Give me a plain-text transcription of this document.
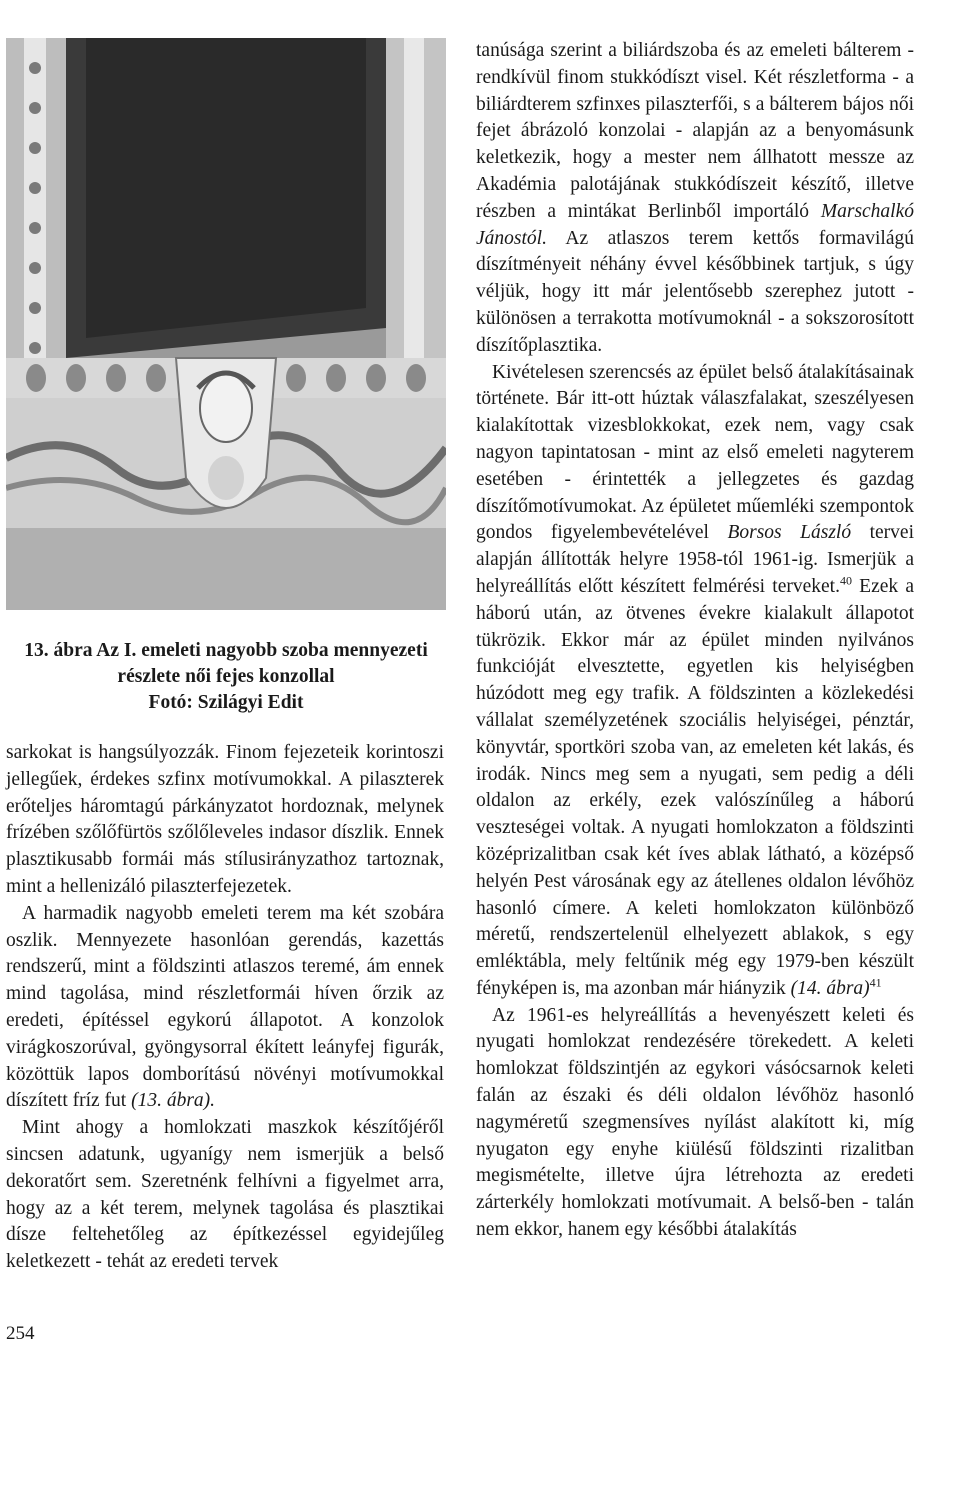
13. ábra Az I. emeleti nagyobb szoba mennyezeti
részlete női fejes konzollal
Fotó: Szilágyi Edit

sarkokat is hangsúlyozzák. Finom fejezeteik korintoszi jellegűek, érdekes szfinx motívumokkal. A pilaszterek erőteljes háromtagú párkányzatot hordoznak, melynek frízében szőlőfürtös szőlőleveles indasor díszlik. Ennek plasztikusabb formái más stílusirányzathoz tartoznak, mint a hellenizáló pilaszterfejezetek.

A harmadik nagyobb emeleti terem ma két szobára oszlik. Mennyezete hasonlóan gerendás, kazettás rendszerű, mint a földszinti atlaszos teremé, ám ennek mind tagolása, mind részletformái híven őrzik az eredeti, építéssel egykorú állapotot. A konzolok virágkoszorúval, gyöngysorral ékített leányfej figurák, közöttük lapos domborítású növényi motívumokkal díszített fríz fut (13. ábra).

Mint ahogy a homlokzati maszkok készítőjéről sincsen adatunk, ugyanígy nem ismerjük a belső dekoratőrt sem. Szeretnénk felhívni a figyelmet arra, hogy az a két terem, melynek tagolása és plasztikai dísze feltehetőleg az építkezéssel egyidejűleg keletkezett - tehát az eredeti tervek

tanúsága szerint a biliárdszoba és az emeleti bálterem - rendkívül finom stukkódíszt visel. Két részletforma - a biliárdterem szfinxes pilaszterfői, s a bálterem bájos női fejet ábrázoló konzolai - alapján az a benyomásunk keletkezik, hogy a mester nem állhatott messze az Akadémia palotájának stukkódíszeit készítő, illetve részben a mintákat Berlinből importáló Marschalkó Jánostól. Az atlaszos terem kettős formavilágú díszítményeit néhány évvel későbbinek tartjuk, s úgy véljük, hogy itt már jelentősebb szerephez jutott -különösen a terrakotta motívumoknál - a sokszorosított díszítőplasztika.

Kivételesen szerencsés az épület belső átalakításainak története. Bár itt-ott húztak válaszfalakat, szeszélyesen kialakítottak vizesblokkokat, ezek nem, vagy csak nagyon tapintatosan - mint az első emeleti nagyterem esetében - érintették a jellegzetes és gazdag díszítőmotívumokat. Az épületet műemléki szempontok gondos figyelembevételével Borsos László tervei alapján állították helyre 1958-tól 1961-ig. Ismerjük a helyreállítás előtt készített felmérési terveket.$^{40}$ Ezek a háború után, az ötvenes évekre kialakult állapotot tükrözik. Ekkor már az épület minden nyilvános funkcióját elvesztette, egyetlen kis helyiségben húzódott meg egy trafik. A földszinten a közlekedési vállalat személyzetének szociális helyiségei, pénztár, könyvtár, sportköri szoba van, az emeleten két lakás, és irodák. Nincs meg sem a nyugati, sem pedig a déli oldalon az erkély, ezek valószínűleg a háború veszteségei voltak. A nyugati homlokzaton a földszinti középrizalitban csak két íves ablak látható, a középső helyén Pest városának egy az átellenes oldalon lévőhöz hasonló címere. A keleti homlokzaton különböző méretű, rendszertelenül elhelyezett ablakok, s egy emléktábla, mely feltűnik még egy 1979-ben készült fényképen is, ma azonban már hiányzik (14. ábra)$^{41}$

Az 1961-es helyreállítás a hevenyészett keleti és nyugati homlokzat rendezésére törekedett. A keleti homlokzat földszintjén az egykori vásócsarnok keleti falán az északi és déli oldalon lévőhöz hasonló nagyméretű szegmensíves nyílást alakított ki, míg nyugaton egy enyhe kiülésű földszinti rizalitban megismételte, illetve újra létrehozta az eredeti zárterkély homlokzati motívumait. A belső-ben - talán nem ekkor, hanem egy későbbi átalakítás

254
